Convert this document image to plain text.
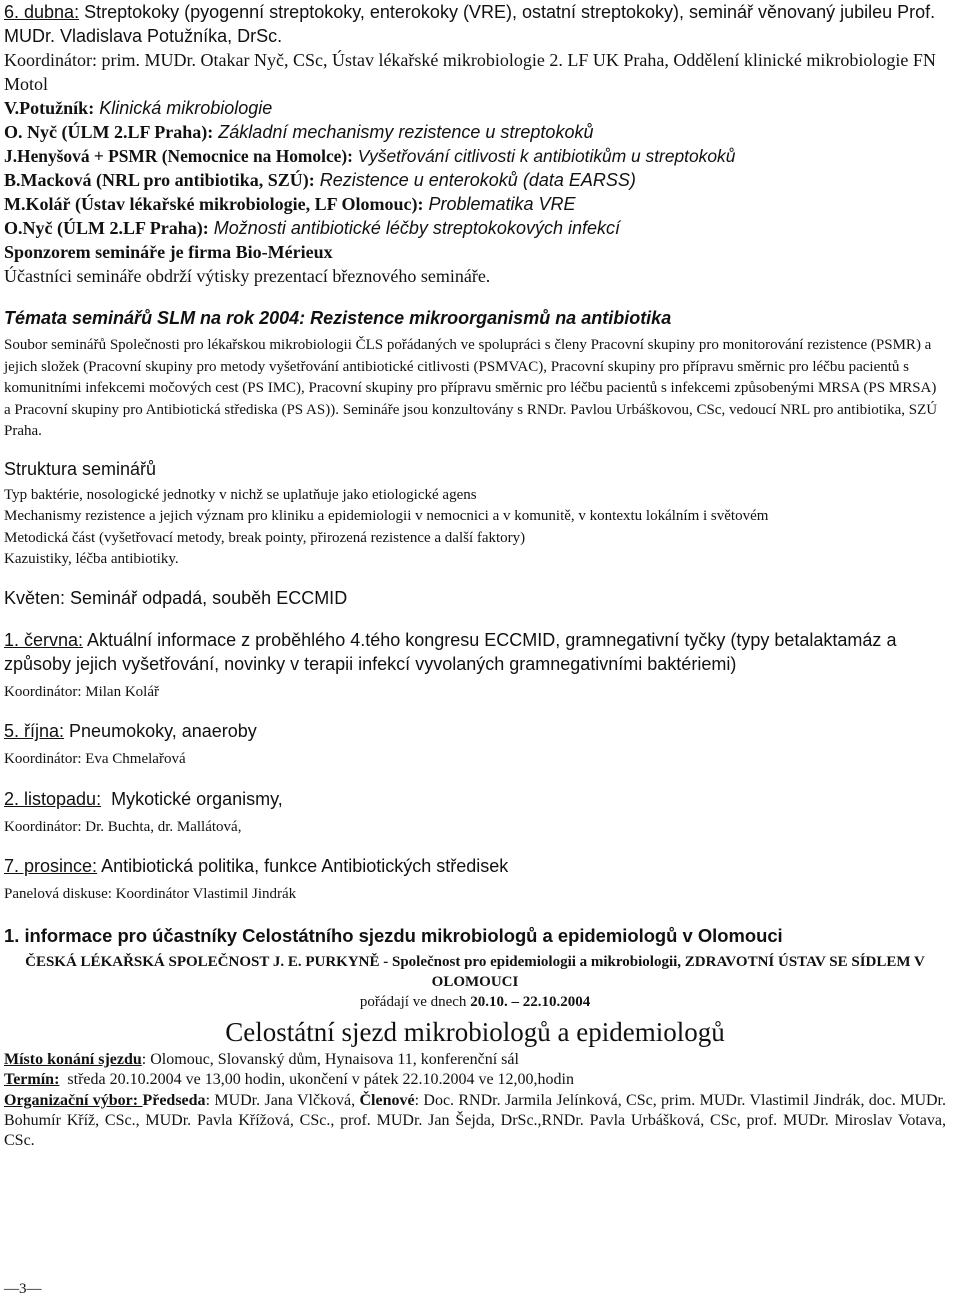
6. dubna: Streptokoky (pyogenní streptokoky, enterokoky (VRE), ostatní streptokoky), seminář věnovaný jubileu Prof. MUDr. Vladislava Potužníka, DrSc.

Koordinátor: prim. MUDr. Otakar Nyč, CSc, Ústav lékařské mikrobiologie 2. LF UK Praha, Oddělení klinické mikrobiologie FN Motol

V.Potužník: Klinická mikrobiologie

O. Nyč (ÚLM 2.LF Praha): Základní mechanismy rezistence u streptokoků

J.Henyšová + PSMR (Nemocnice na Homolce): Vyšetřování citlivosti k antibiotikům u streptokoků

B.Macková (NRL pro antibiotika, SZÚ): Rezistence u enterokoků (data EARSS)

M.Kolář (Ústav lékařské mikrobiologie, LF Olomouc): Problematika VRE

O.Nyč (ÚLM 2.LF Praha): Možnosti antibiotické léčby streptokokových infekcí

Sponzorem semináře je firma Bio-Mérieux

Účastníci semináře obdrží výtisky prezentací březnového semináře.

Témata seminářů SLM na rok 2004: Rezistence mikroorganismů na antibiotika

Soubor seminářů Společnosti pro lékařskou mikrobiologii ČLS pořádaných ve spolupráci s členy Pracovní skupiny pro monitorování rezistence (PSMR) a jejich složek (Pracovní skupiny pro metody vyšetřování antibiotické citlivosti (PSMVAC), Pracovní skupiny pro přípravu směrnic pro léčbu pacientů s komunitními infekcemi močových cest (PS IMC), Pracovní skupiny pro přípravu směrnic pro léčbu pacientů s infekcemi způsobenými MRSA (PS MRSA) a Pracovní skupiny pro Antibiotická střediska (PS AS)). Semináře jsou konzultovány s RNDr. Pavlou Urbáškovou, CSc, vedoucí NRL pro antibiotika, SZÚ Praha.

Struktura seminářů

Typ baktérie, nosologické jednotky v nichž se uplatňuje jako etiologické agens

Mechanismy rezistence a jejich význam pro kliniku a epidemiologii v nemocnici a v komunitě, v kontextu lokálním i světovém

Metodická část (vyšetřovací metody, break pointy, přirozená rezistence a další faktory)

Kazuistiky, léčba antibiotiky.

Květen: Seminář odpadá, souběh ECCMID

1. června: Aktuální informace z proběhlého 4.tého kongresu ECCMID, gramnegativní tyčky (typy betalaktamáz a způsoby jejich vyšetřování, novinky v terapii infekcí vyvolaných gramnegativními baktériemi)

Koordinátor: Milan Kolář

5. října: Pneumokoky, anaeroby

Koordinátor: Eva Chmelařová

2. listopadu:  Mykotické organismy,

Koordinátor: Dr. Buchta, dr. Mallátová,

7. prosince: Antibiotická politika, funkce Antibiotických středisek

Panelová diskuse: Koordinátor Vlastimil Jindrák

1. informace pro účastníky Celostátního sjezdu mikrobiologů a epidemiologů v Olomouci

ČESKÁ LÉKAŘSKÁ SPOLEČNOST J. E. PURKYNĚ - Společnost pro epidemiologii a mikrobiologii, ZDRAVOTNÍ ÚSTAV SE SÍDLEM V OLOMOUCI

pořádají ve dnech 20.10. – 22.10.2004

Celostátní sjezd mikrobiologů a epidemiologů

Místo konání sjezdu: Olomouc, Slovanský dům, Hynaisova 11, konferenční sál

Termín:  středa 20.10.2004 ve 13,00 hodin, ukončení v pátek 22.10.2004 ve 12,00,hodin

Organizační výbor: Předseda: MUDr. Jana Vlčková, Členové: Doc. RNDr. Jarmila Jelínková, CSc, prim. MUDr. Vlastimil Jindrák, doc. MUDr. Bohumír Kříž, CSc., MUDr. Pavla Křížová, CSc., prof. MUDr. Jan Šejda, DrSc.,RNDr. Pavla Urbášková, CSc, prof. MUDr. Miroslav Votava, CSc.

—3—
